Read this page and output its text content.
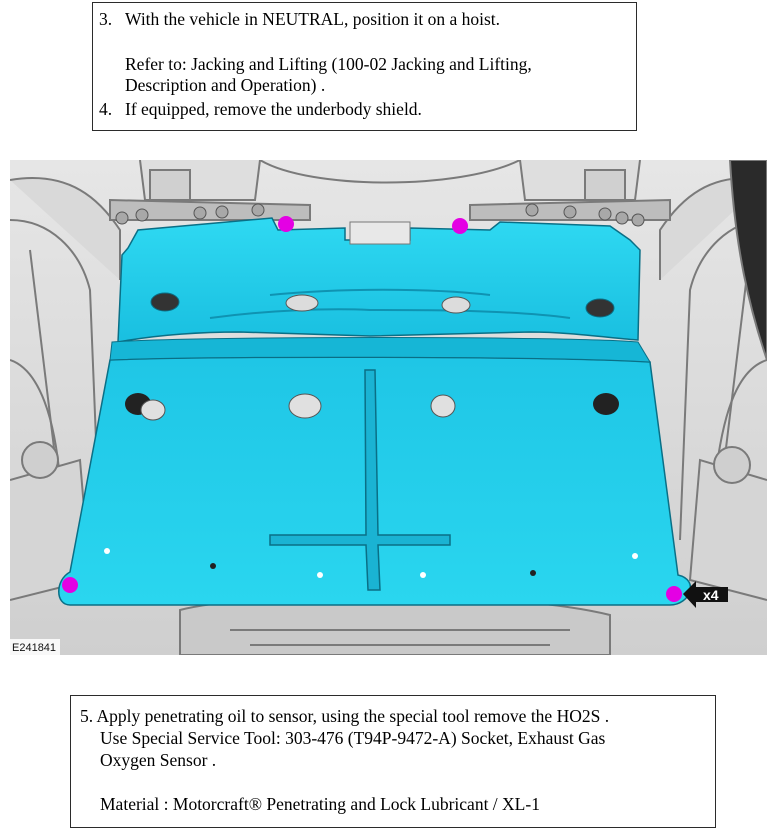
3. With the vehicle in NEUTRAL, position it on a hoist.
Refer to: Jacking and Lifting (100-02 Jacking and Lifting,
Description and Operation) .
4. If equipped, remove the underbody shield.
x4
E241841
5. Apply penetrating oil to sensor, using the special tool remove the HO2S .
Use Special Service Tool: 303-476 (T94P-9472-A) Socket, Exhaust Gas
Oxygen Sensor .
Material : Motorcraft® Penetrating and Lock Lubricant / XL-1
